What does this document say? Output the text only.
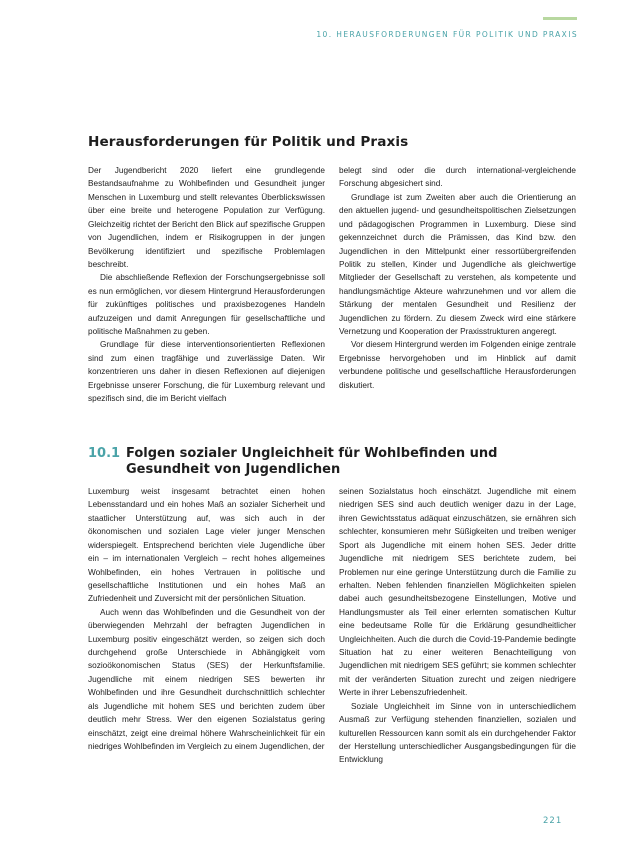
10. HERAUSFORDERUNGEN FÜR POLITIK UND PRAXIS
Herausforderungen für Politik und Praxis

Der Jugendbericht 2020 liefert eine grundlegende Bestandsaufnahme zu Wohlbefinden und Gesundheit junger Menschen in Luxemburg und stellt relevantes Überblickswissen über eine breite und heterogene Population zur Verfügung. Gleichzeitig richtet der Bericht den Blick auf spezifische Gruppen von Jugendlichen, indem er Risikogruppen in der jungen Bevölkerung identifiziert und spezifische Problemlagen beschreibt.

Die abschließende Reflexion der Forschungsergebnisse soll es nun ermöglichen, vor diesem Hintergrund Herausforderungen für zukünftiges politisches und praxisbezogenes Handeln aufzuzeigen und damit Anregungen für gesellschaftliche und politische Maßnahmen zu geben.

Grundlage für diese interventionsorientierten Reflexionen sind zum einen tragfähige und zuverlässige Daten. Wir konzentrieren uns daher in diesen Reflexionen auf diejenigen Ergebnisse unserer Forschung, die für Luxemburg relevant und spezifisch sind, die im Bericht vielfach

belegt sind oder die durch international-vergleichende Forschung abgesichert sind.

Grundlage ist zum Zweiten aber auch die Orientierung an den aktuellen jugend- und gesundheitspolitischen Zielsetzungen und pädagogischen Programmen in Luxemburg. Diese sind gekennzeichnet durch die Prämissen, das Kind bzw. den Jugendlichen in den Mittelpunkt einer ressortübergreifenden Politik zu stellen, Kinder und Jugendliche als gleichwertige Mitglieder der Gesellschaft zu verstehen, als kompetente und handlungsmächtige Akteure wahrzunehmen und vor allem die Stärkung der mentalen Gesundheit und Resilienz der Jugendlichen zu fördern. Zu diesem Zweck wird eine stärkere Vernetzung und Kooperation der Praxisstrukturen angeregt.

Vor diesem Hintergrund werden im Folgenden einige zentrale Ergebnisse hervorgehoben und im Hinblick auf damit verbundene politische und gesellschaftliche Herausforderungen diskutiert.

10.1 Folgen sozialer Ungleichheit für Wohlbefinden und Gesundheit von Jugendlichen

Luxemburg weist insgesamt betrachtet einen hohen Lebensstandard und ein hohes Maß an sozialer Sicherheit und staatlicher Unterstützung auf, was sich auch in der ökonomischen und sozialen Lage vieler junger Menschen widerspiegelt. Entsprechend berichten viele Jugendliche über ein – im internationalen Vergleich – recht hohes allgemeines Wohlbefinden, ein hohes Vertrauen in politische und gesellschaftliche Institutionen und ein hohes Maß an Zufriedenheit und Zuversicht mit der persönlichen Situation.

Auch wenn das Wohlbefinden und die Gesundheit von der überwiegenden Mehrzahl der befragten Jugendlichen in Luxemburg positiv eingeschätzt werden, so zeigen sich doch durchgehend große Unterschiede in Abhängigkeit vom sozioökonomischen Status (SES) der Herkunftsfamilie. Jugendliche mit einem niedrigen SES bewerten ihr Wohlbefinden und ihre Gesundheit durchschnittlich schlechter als Jugendliche mit hohem SES und berichten zudem über deutlich mehr Stress. Wer den eigenen Sozialstatus gering einschätzt, zeigt eine dreimal höhere Wahrscheinlichkeit für ein niedriges Wohlbefinden im Vergleich zu einem Jugendlichen, der

seinen Sozialstatus hoch einschätzt. Jugendliche mit einem niedrigen SES sind auch deutlich weniger dazu in der Lage, ihren Gewichtsstatus adäquat einzuschätzen, sie ernähren sich schlechter, konsumieren mehr Süßigkeiten und treiben weniger Sport als Jugendliche mit einem hohen SES. Jeder dritte Jugendliche mit niedrigem SES berichtete zudem, bei Problemen nur eine geringe Unterstützung durch die Familie zu erhalten. Neben fehlenden finanziellen Möglichkeiten spielen dabei auch gesundheitsbezogene Einstellungen, Motive und Handlungsmuster als Teil einer erlernten somatischen Kultur eine bedeutsame Rolle für die Erklärung gesundheitlicher Ungleichheiten. Auch die durch die Covid-19-Pandemie bedingte Situation hat zu einer weiteren Benachteiligung von Jugendlichen mit niedrigem SES geführt; sie kommen schlechter mit der veränderten Situation zurecht und zeigen niedrigere Werte in ihrer Lebenszufriedenheit.

Soziale Ungleichheit im Sinne von in unterschiedlichem Ausmaß zur Verfügung stehenden finanziellen, sozialen und kulturellen Ressourcen kann somit als ein durchgehender Faktor der Herstellung unterschiedlicher Ausgangsbedingungen für die Entwicklung

221
